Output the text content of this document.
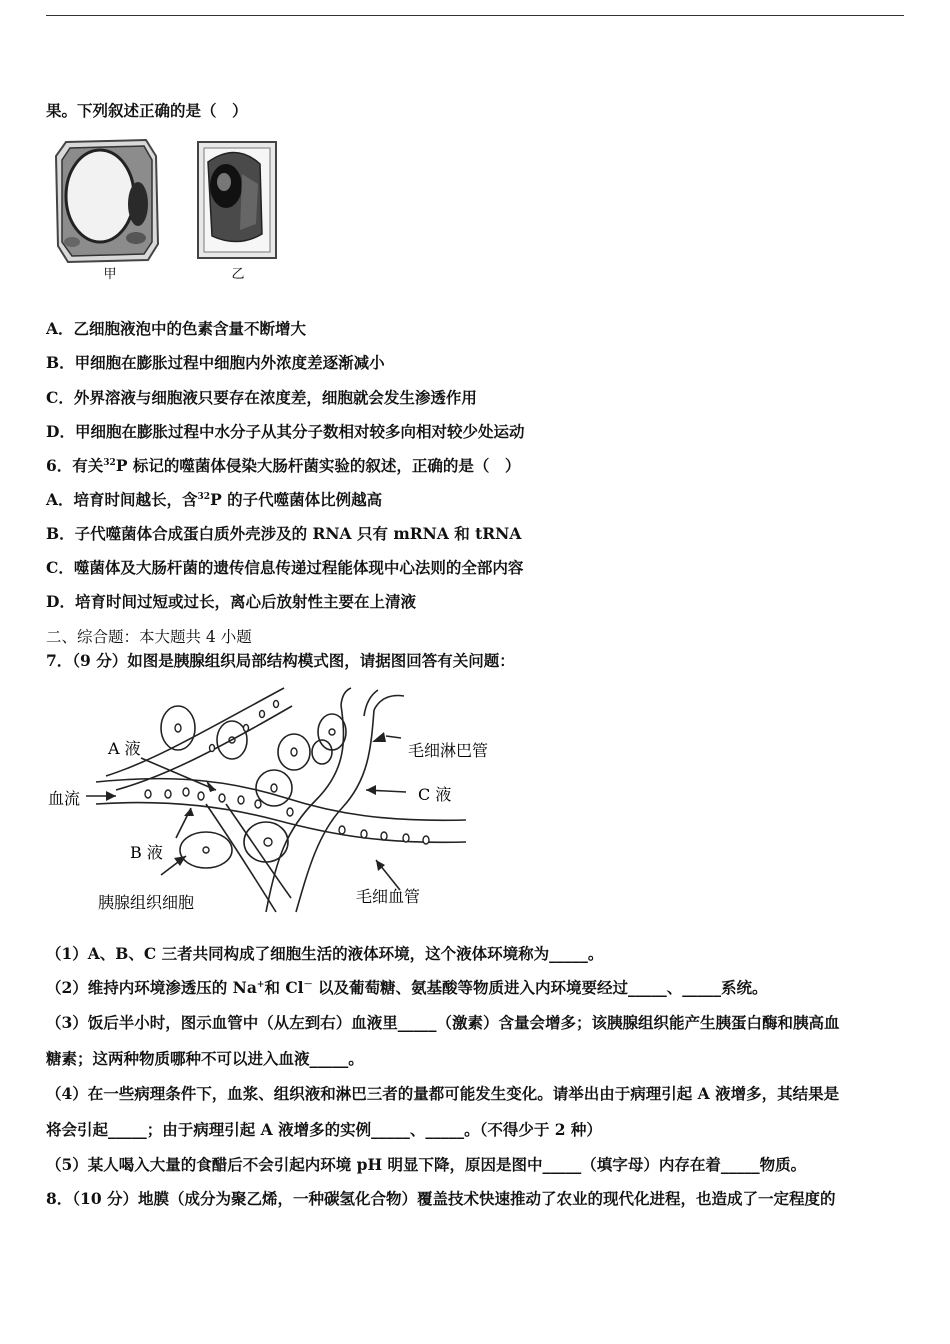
果。下列叙述正确的是（　）
甲	乙
A．乙细胞液泡中的色素含量不断增大
B．甲细胞在膨胀过程中细胞内外浓度差逐渐减小
C．外界溶液与细胞液只要存在浓度差，细胞就会发生渗透作用
D．甲细胞在膨胀过程中水分子从其分子数相对较多向相对较少处运动
6．有关$^{32}$P 标记的噬菌体侵染大肠杆菌实验的叙述，正确的是（　）
A．培育时间越长，含$^{32}$P 的子代噬菌体比例越高
B．子代噬菌体合成蛋白质外壳涉及的 RNA 只有 mRNA 和 tRNA
C．噬菌体及大肠杆菌的遗传信息传递过程能体现中心法则的全部内容
D．培育时间过短或过长，离心后放射性主要在上清液
二、综合题：本大题共 4 小题
7．（9 分）如图是胰腺组织局部结构模式图，请据图回答有关问题：
A 液	毛细淋巴管
血流	C 液
B 液
胰腺组织细胞	毛细血管
（1）A、B、C 三者共同构成了细胞生活的液体环境，这个液体环境称为_____。
（2）维持内环境渗透压的 Na+和 Cl－ 以及葡萄糖、氨基酸等物质进入内环境要经过_____、_____系统。
（3）饭后半小时，图示血管中（从左到右）血液里_____（激素）含量会增多；该胰腺组织能产生胰蛋白酶和胰高血
糖素；这两种物质哪种不可以进入血液_____。
（4）在一些病理条件下，血浆、组织液和淋巴三者的量都可能发生变化。请举出由于病理引起 A 液增多，其结果是
将会引起_____；由于病理引起 A 液增多的实例_____、_____。（不得少于 2 种）
（5）某人喝入大量的食醋后不会引起内环境 pH 明显下降，原因是图中_____（填字母）内存在着_____物质。
8．（10 分）地膜（成分为聚乙烯，一种碳氢化合物）覆盖技术快速推动了农业的现代化进程，也造成了一定程度的
